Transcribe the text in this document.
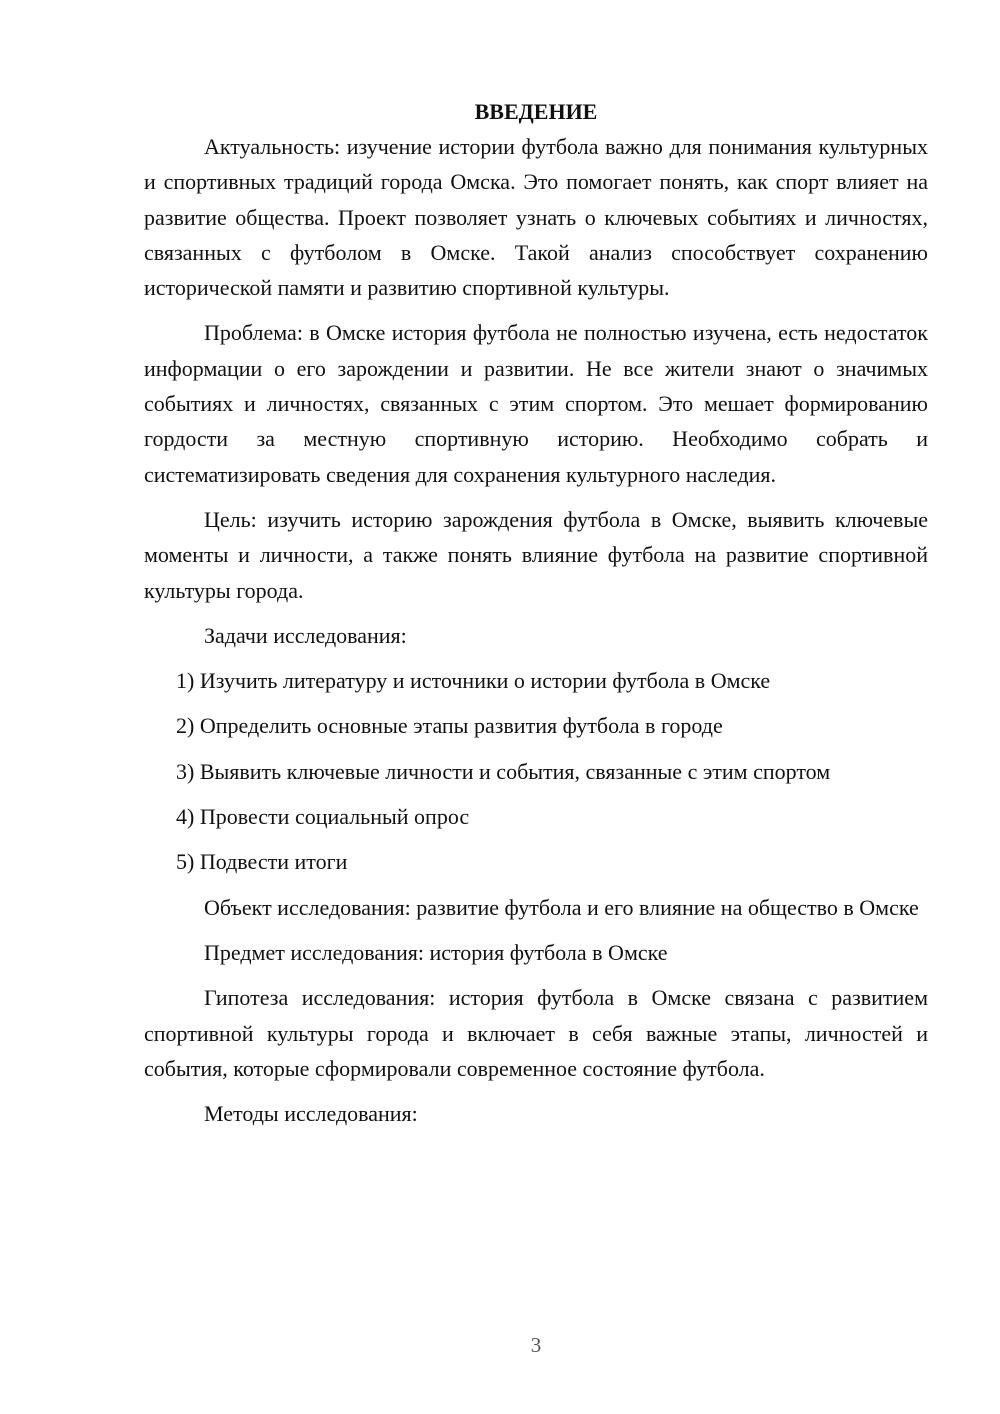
ВВЕДЕНИЕ

Актуальность: изучение истории футбола важно для понимания культурных и спортивных традиций города Омска. Это помогает понять, как спорт влияет на развитие общества. Проект позволяет узнать о ключевых событиях и личностях, связанных с футболом в Омске. Такой анализ способствует сохранению исторической памяти и развитию спортивной культуры.

Проблема: в Омске история футбола не полностью изучена, есть недостаток информации о его зарождении и развитии. Не все жители знают о значимых событиях и личностях, связанных с этим спортом. Это мешает формированию гордости за местную спортивную историю. Необходимо собрать и систематизировать сведения для сохранения культурного наследия.

Цель: изучить историю зарождения футбола в Омске, выявить ключевые моменты и личности, а также понять влияние футбола на развитие спортивной культуры города.

Задачи исследования:

1) Изучить литературу и источники о истории футбола в Омске
2) Определить основные этапы развития футбола в городе
3) Выявить ключевые личности и события, связанные с этим спортом
4) Провести социальный опрос
5) Подвести итоги

Объект исследования: развитие футбола и его влияние на общество в Омске

Предмет исследования: история футбола в Омске

Гипотеза исследования: история футбола в Омске связана с развитием спортивной культуры города и включает в себя важные этапы, личностей и события, которые сформировали современное состояние футбола.

Методы исследования:

3
